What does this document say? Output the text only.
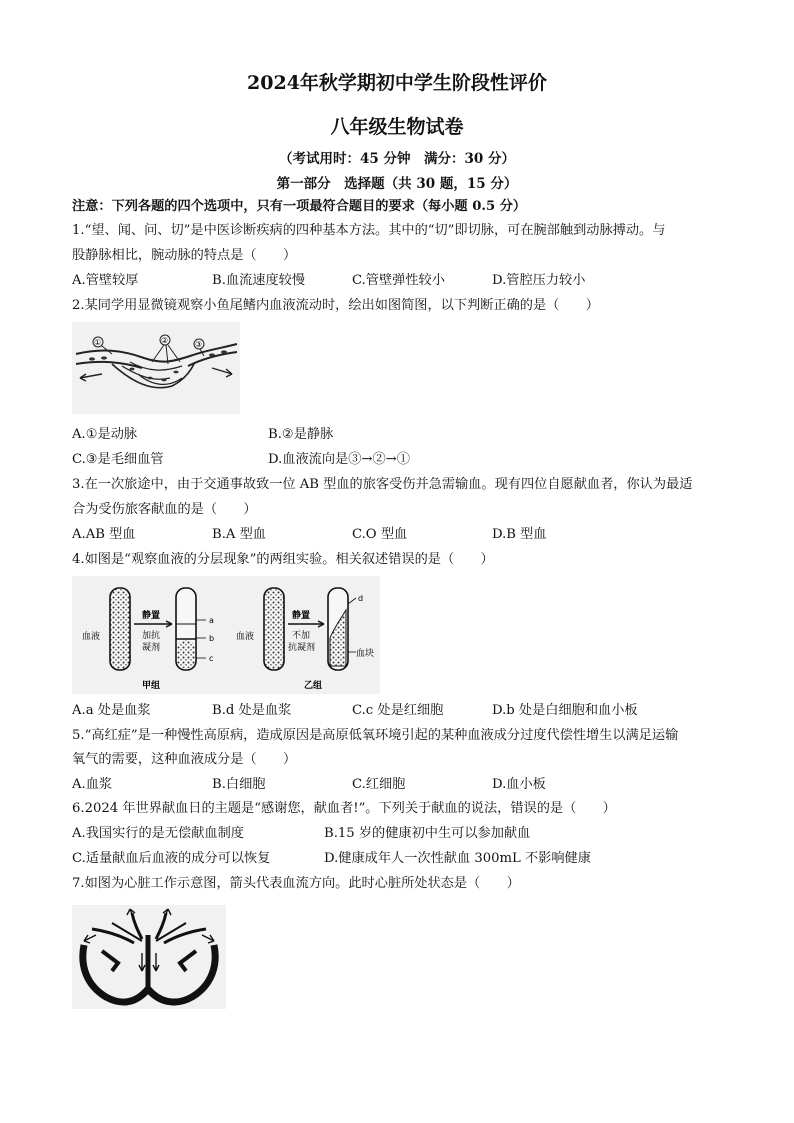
2024年秋学期初中学生阶段性评价
八年级生物试卷
（考试用时：45 分钟　满分：30 分）
第一部分　选择题（共 30 题，15 分）
注意：下列各题的四个选项中，只有一项最符合题目的要求（每小题 0.5 分）
1.“望、闻、问、切”是中医诊断疾病的四种基本方法。其中的“切”即切脉，可在腕部触到动脉搏动。与
股静脉相比，腕动脉的特点是（　　）
A.管壁较厚	B.血流速度较慢	C.管壁弹性较小	D.管腔压力较小
2.某同学用显微镜观察小鱼尾鳍内血液流动时，绘出如图简图，以下判断正确的是（　　）
①	②	③
A.①是动脉	B.②是静脉
C.③是毛细血管	D.血液流向是③→②→①
3.在一次旅途中，由于交通事故致一位 AB 型血的旅客受伤并急需输血。现有四位自愿献血者，你认为最适
合为受伤旅客献血的是（　　）
A.AB 型血	B.A 型血	C.O 型血	D.B 型血
4.如图是“观察血液的分层现象”的两组实验。相关叙述错误的是（　　）
血液
静置
加抗
凝剂
a
b
c
甲组
血液
静置
不加
抗凝剂
d
血块
乙组
A.a 处是血浆	B.d 处是血浆	C.c 处是红细胞	D.b 处是白细胞和血小板
5.“高红症”是一种慢性高原病，造成原因是高原低氧环境引起的某种血液成分过度代偿性增生以满足运输
氧气的需要，这种血液成分是（　　）
A.血浆	B.白细胞	C.红细胞	D.血小板
6.2024 年世界献血日的主题是“感谢您，献血者!”。下列关于献血的说法，错误的是（　　）
A.我国实行的是无偿献血制度	B.15 岁的健康初中生可以参加献血
C.适量献血后血液的成分可以恢复	D.健康成年人一次性献血 300mL 不影响健康
7.如图为心脏工作示意图，箭头代表血流方向。此时心脏所处状态是（　　）
